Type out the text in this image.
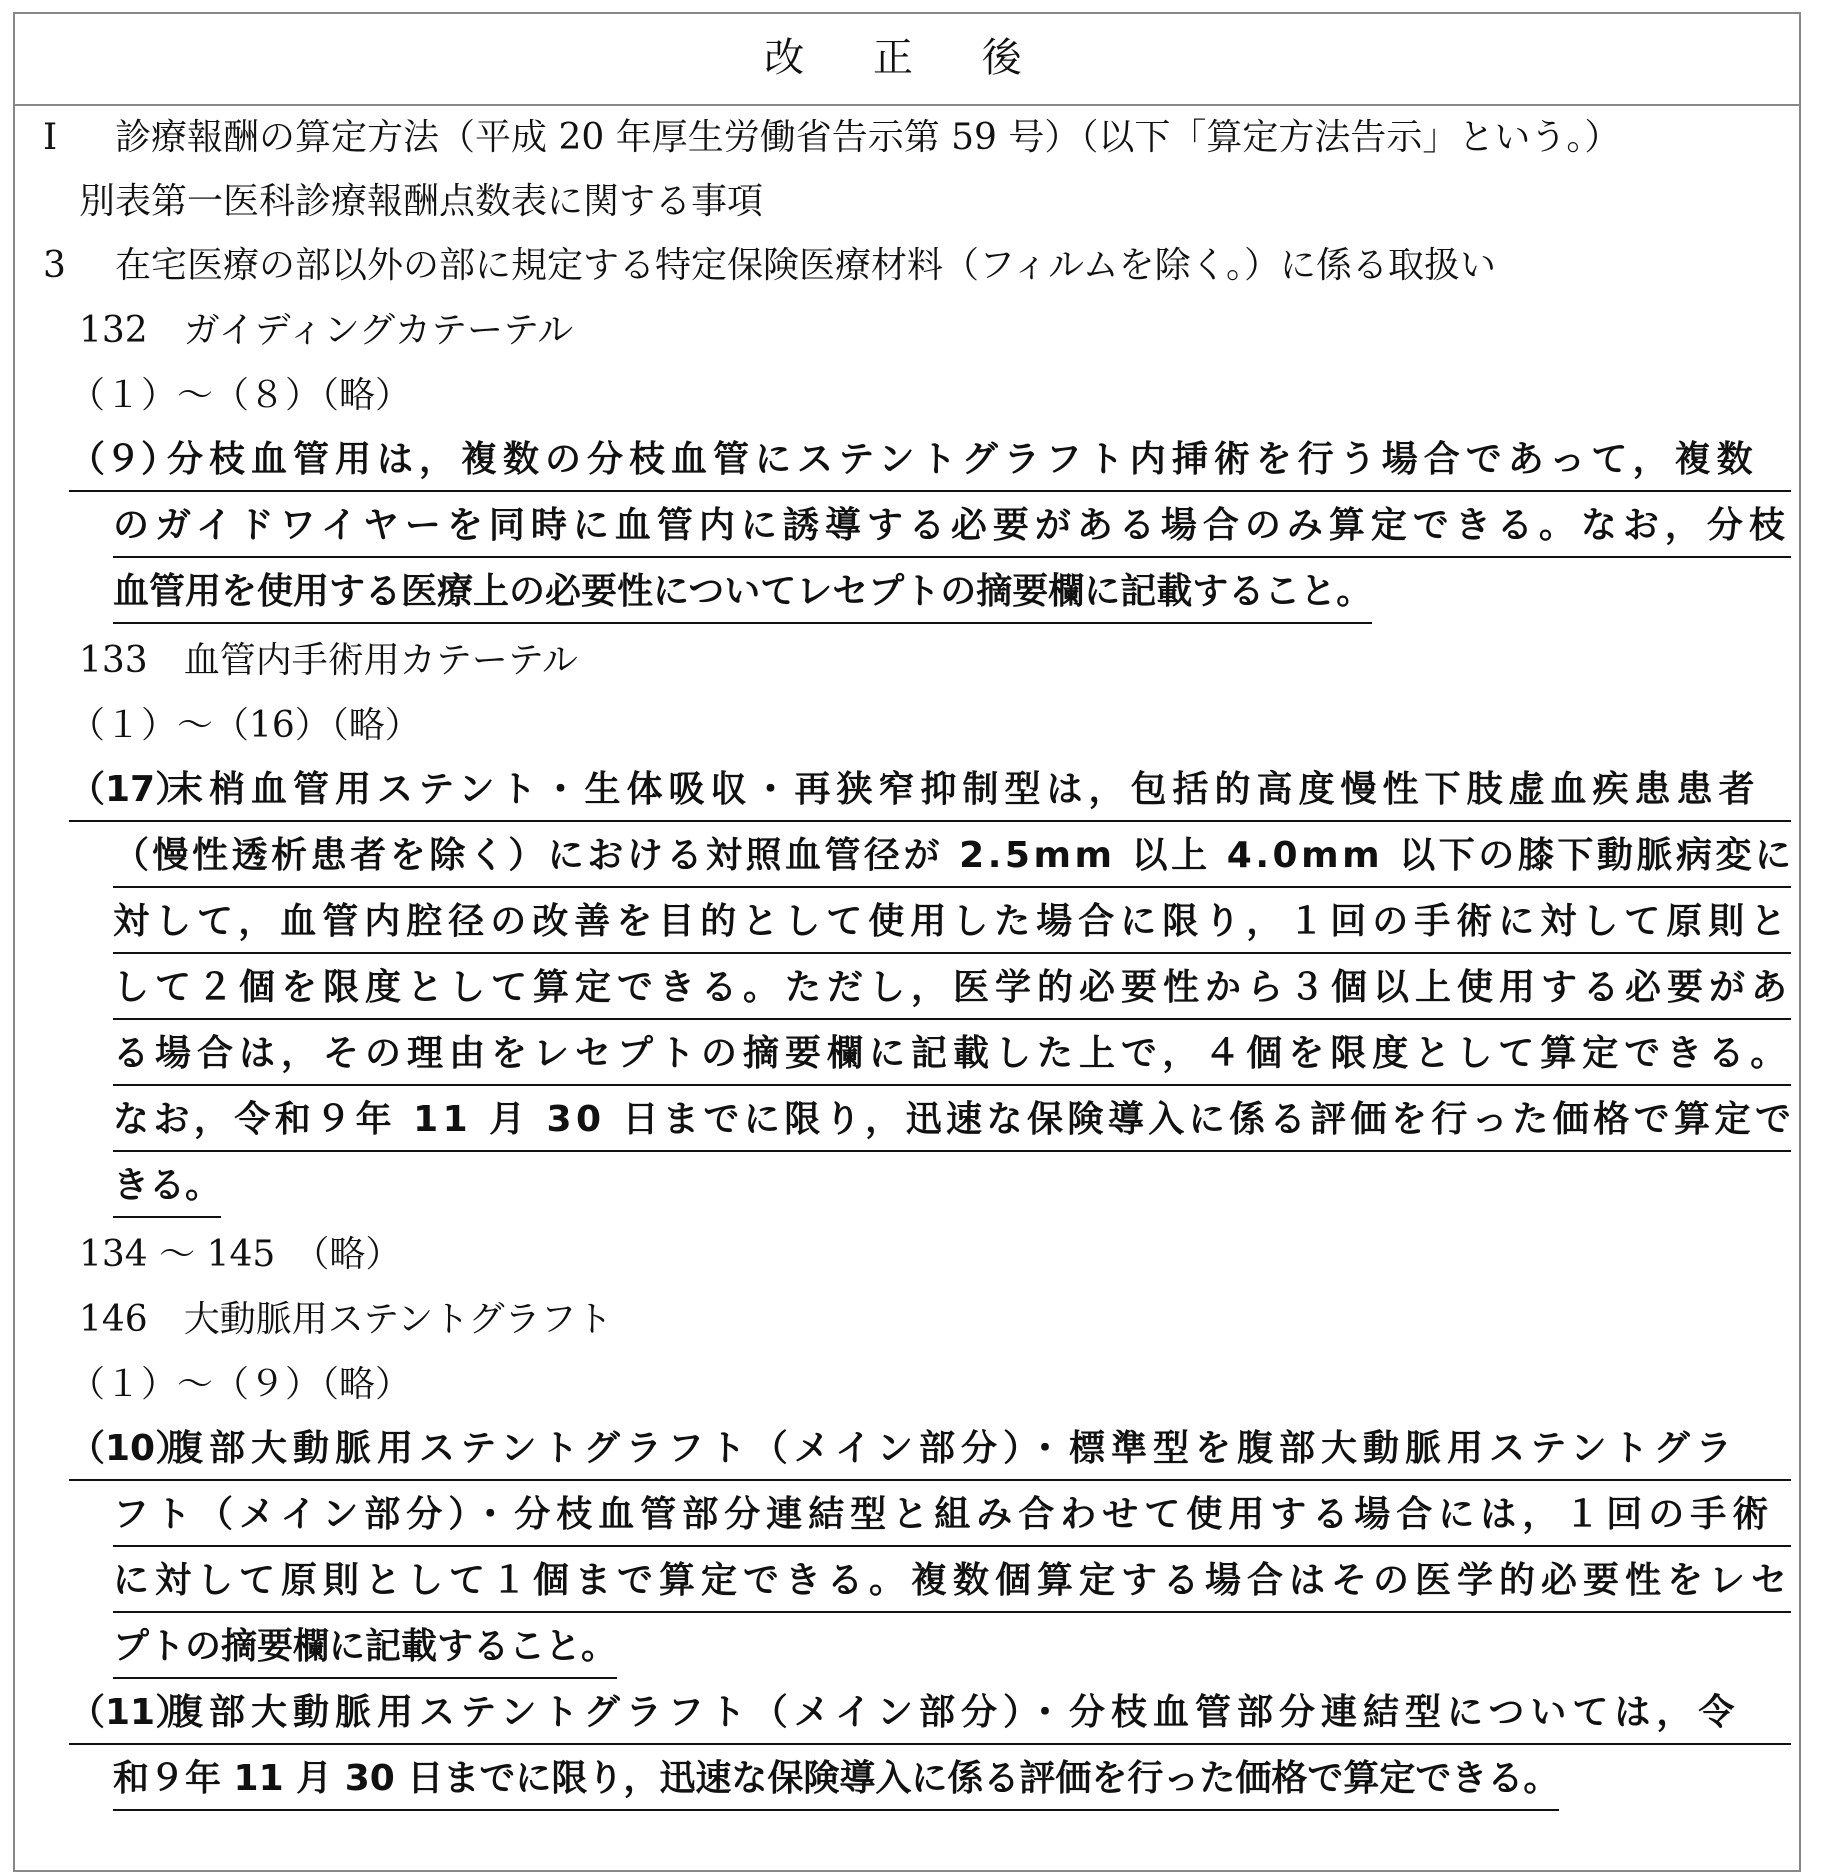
改 正 後
Ⅰ 診療報酬の算定方法（平成 20 年厚生労働省告示第 59 号）（以下「算定方法告示」という。）
別表第一医科診療報酬点数表に関する事項
3 在宅医療の部以外の部に規定する特定保険医療材料（フィルムを除く。）に係る取扱い
132　ガイディングカテーテル
（１）～（８）（略）
（９）
分枝血管用は，複数の分枝血管にステントグラフト内挿術を行う場合であって，複数
のガイドワイヤーを同時に血管内に誘導する必要がある場合のみ算定できる。なお，分枝
血管用を使用する医療上の必要性についてレセプトの摘要欄に記載すること。
133　血管内手術用カテーテル
（１）～（16）（略）
（17）
末梢血管用ステント・生体吸収・再狭窄抑制型は，包括的高度慢性下肢虚血疾患患者
（慢性透析患者を除く）における対照血管径が 2.5mm 以上 4.0mm 以下の膝下動脈病変に
対して，血管内腔径の改善を目的として使用した場合に限り，１回の手術に対して原則と
して２個を限度として算定できる。ただし，医学的必要性から３個以上使用する必要があ
る場合は，その理由をレセプトの摘要欄に記載した上で，４個を限度として算定できる。
なお，令和９年 11 月 30 日までに限り，迅速な保険導入に係る評価を行った価格で算定で
きる。
134 ～ 145　（略）
146　大動脈用ステントグラフト
（１）～（９）（略）
（10）
腹部大動脈用ステントグラフト（メイン部分）・標準型を腹部大動脈用ステントグラ
フト（メイン部分）・分枝血管部分連結型と組み合わせて使用する場合には，１回の手術
に対して原則として１個まで算定できる。複数個算定する場合はその医学的必要性をレセ
プトの摘要欄に記載すること。
（11）
腹部大動脈用ステントグラフト（メイン部分）・分枝血管部分連結型については，令
和９年 11 月 30 日までに限り，迅速な保険導入に係る評価を行った価格で算定できる。
